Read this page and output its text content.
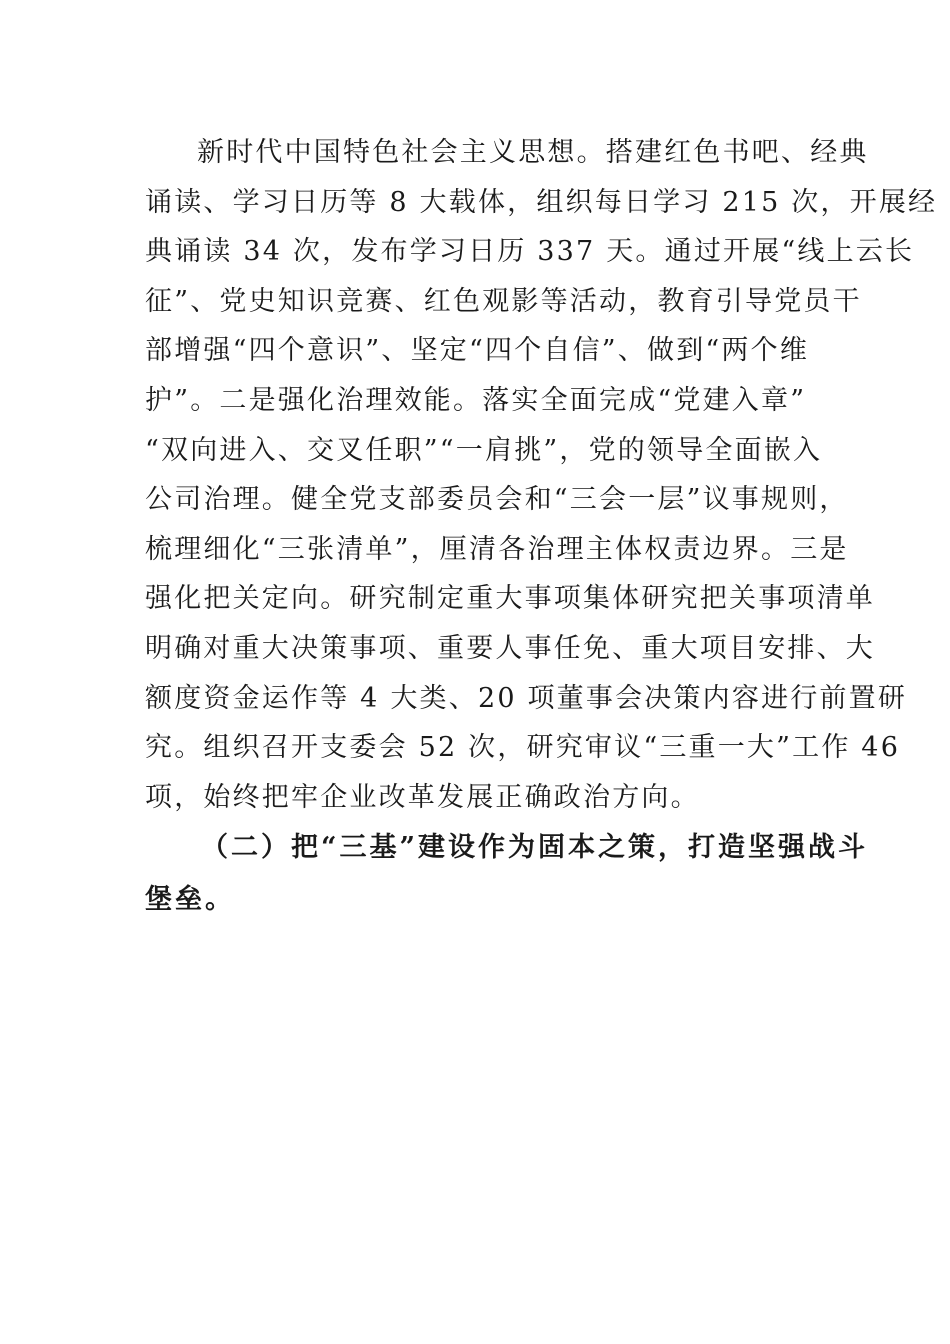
新时代中国特色社会主义思想。搭建红色书吧、经典
诵读、学习日历等 8 大载体，组织每日学习 215 次，开展经
典诵读 34 次，发布学习日历 337 天。通过开展“线上云长
征”、党史知识竞赛、红色观影等活动，教育引导党员干
部增强“四个意识”、坚定“四个自信”、做到“两个维
护”。二是强化治理效能。落实全面完成“党建入章”
“双向进入、交叉任职”“一肩挑”，党的领导全面嵌入
公司治理。健全党支部委员会和“三会一层”议事规则，
梳理细化“三张清单”，厘清各治理主体权责边界。三是
强化把关定向。研究制定重大事项集体研究把关事项清单
明确对重大决策事项、重要人事任免、重大项目安排、大
额度资金运作等 4 大类、20 项董事会决策内容进行前置研
究。组织召开支委会 52 次，研究审议“三重一大”工作 46
项，始终把牢企业改革发展正确政治方向。
（二）把“三基”建设作为固本之策，打造坚强战斗
堡垒。
